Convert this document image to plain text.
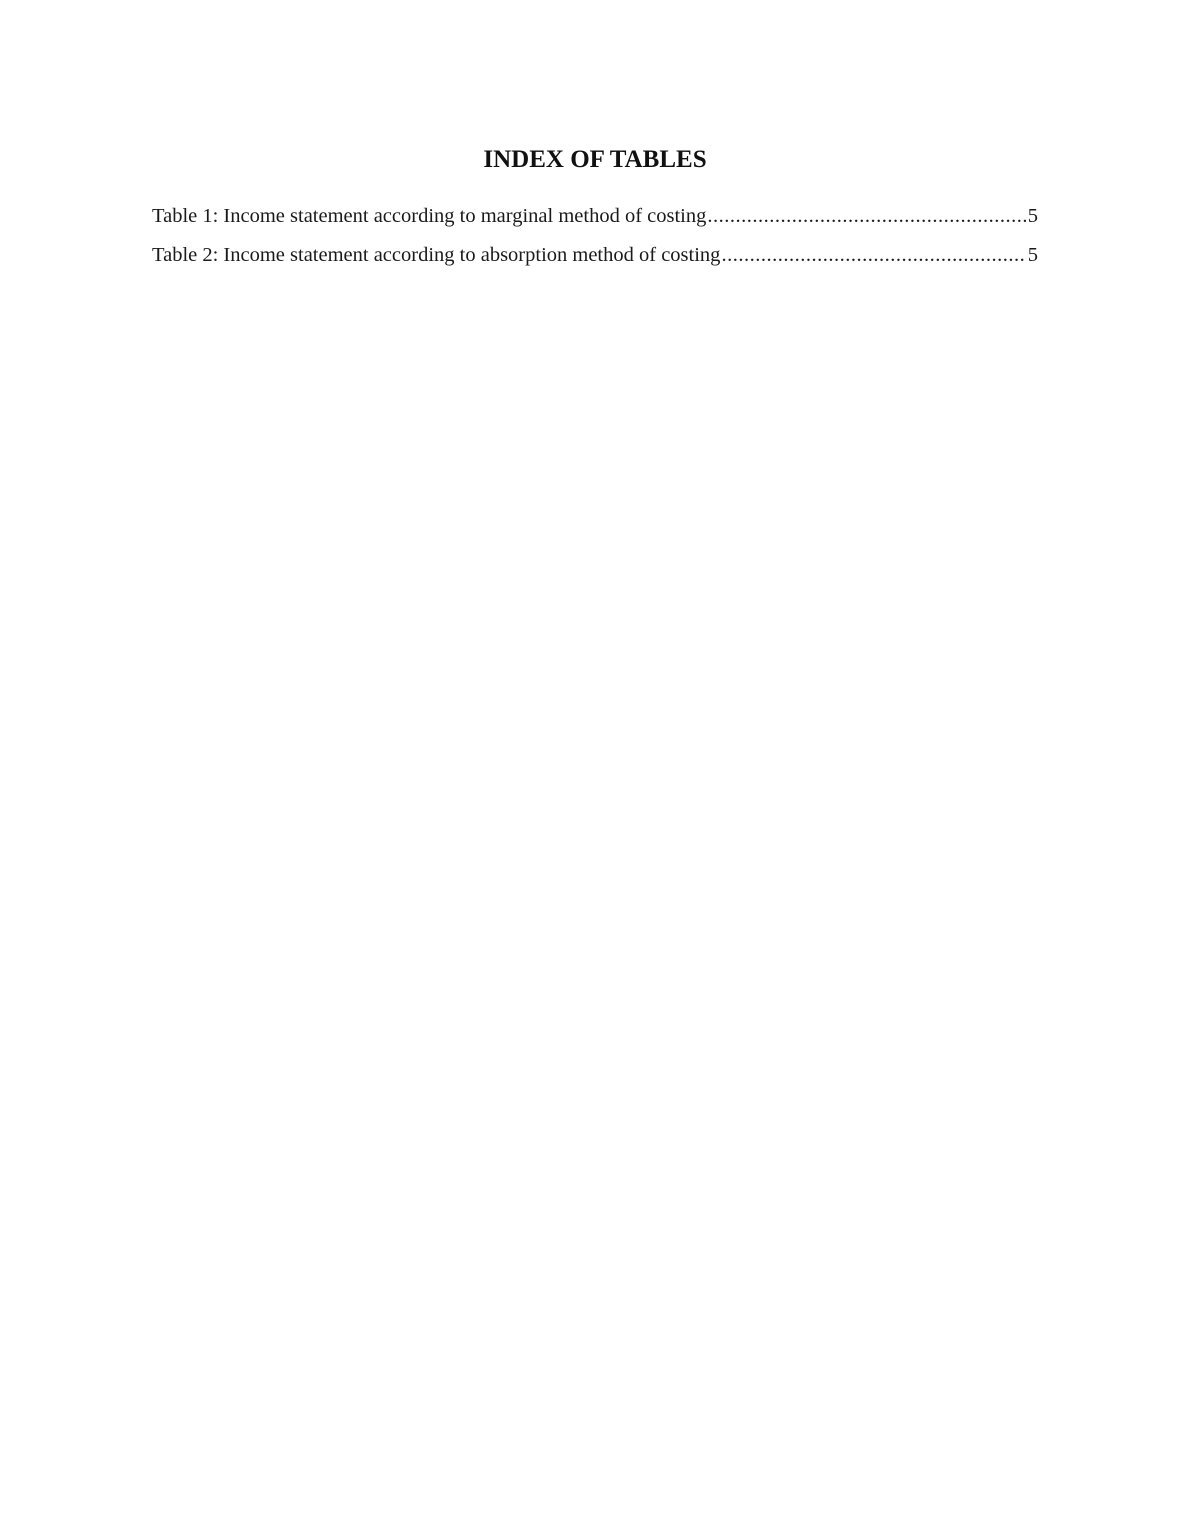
INDEX OF TABLES
Table 1: Income statement according to marginal method of costing .....	5
Table 2: Income statement according to absorption method of costing .....	5
